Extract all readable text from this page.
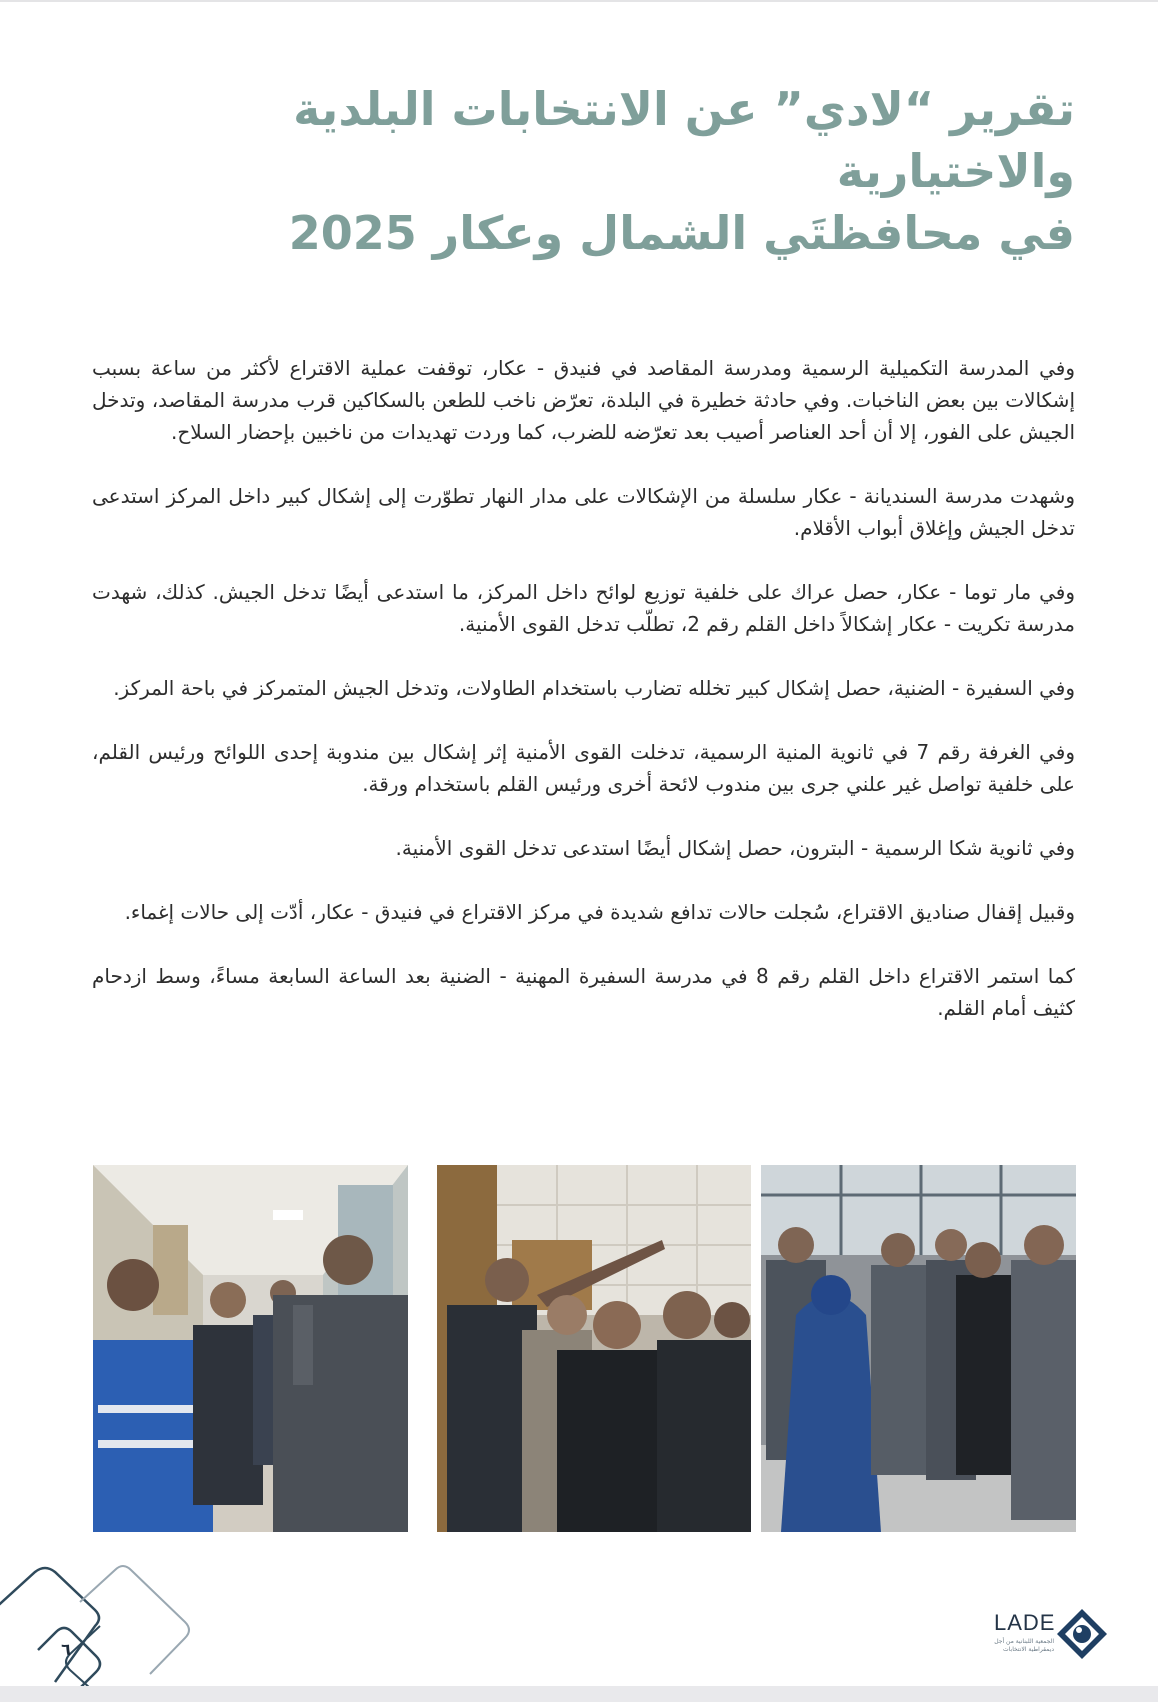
تقرير “لادي” عن الانتخابات البلدية والاختيارية
في محافظتَي الشمال وعكار 2025

وفي المدرسة التكميلية الرسمية ومدرسة المقاصد في فنيدق - عكار، توقفت عملية الاقتراع لأكثر من ساعة بسبب إشكالات بين بعض الناخبات. وفي حادثة خطيرة في البلدة، تعرّض ناخب للطعن بالسكاكين قرب مدرسة المقاصد، وتدخل الجيش على الفور، إلا أن أحد العناصر أصيب بعد تعرّضه للضرب، كما وردت تهديدات من ناخبين بإحضار السلاح.

وشهدت مدرسة السنديانة - عكار سلسلة من الإشكالات على مدار النهار تطوّرت إلى إشكال كبير داخل المركز استدعى تدخل الجيش وإغلاق أبواب الأقلام.

وفي مار توما - عكار، حصل عراك على خلفية توزيع لوائح داخل المركز، ما استدعى أيضًا تدخل الجيش. كذلك، شهدت مدرسة تكريت - عكار إشكالاً داخل القلم رقم 2، تطلّب تدخل القوى الأمنية.

وفي السفيرة - الضنية، حصل إشكال كبير تخلله تضارب باستخدام الطاولات، وتدخل الجيش المتمركز في باحة المركز.

وفي الغرفة رقم 7 في ثانوية المنية الرسمية، تدخلت القوى الأمنية إثر إشكال بين مندوبة إحدى اللوائح ورئيس القلم، على خلفية تواصل غير علني جرى بين مندوب لائحة أخرى ورئيس القلم باستخدام ورقة.

وفي ثانوية شكا الرسمية - البترون، حصل إشكال أيضًا استدعى تدخل القوى الأمنية.

وقبيل إقفال صناديق الاقتراع، سُجلت حالات تدافع شديدة في مركز الاقتراع في فنيدق - عكار، أدّت إلى حالات إغماء.

كما استمر الاقتراع داخل القلم رقم 8 في مدرسة السفيرة المهنية - الضنية بعد الساعة السابعة مساءً، وسط ازدحام كثيف أمام القلم.

٦
LADE
الجمعية اللبنانية من أجل ديمقراطية الانتخابات
